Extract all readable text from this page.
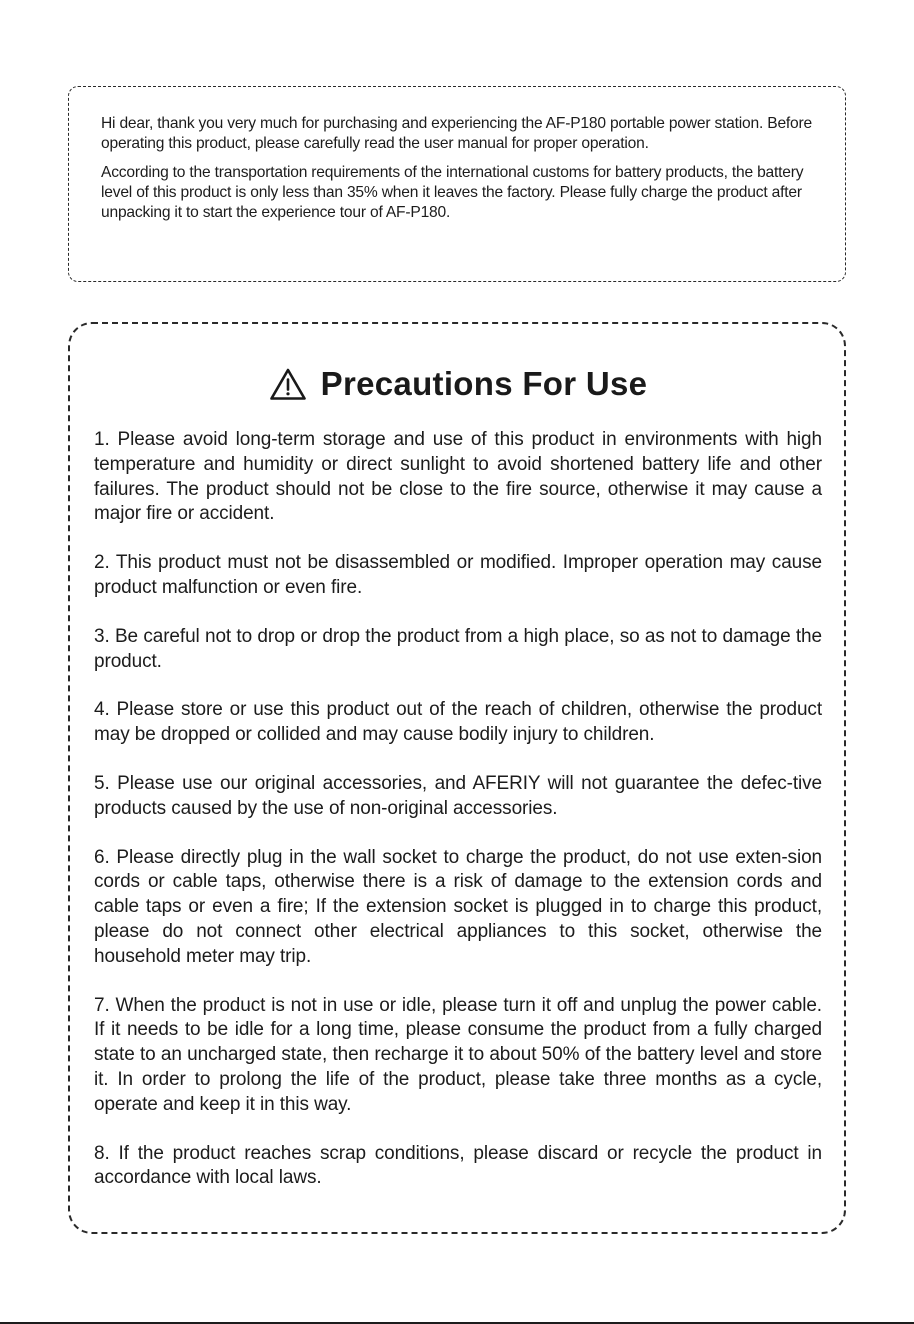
Hi dear, thank you very much for purchasing and experiencing the AF-P180 portable power station. Before operating this product, please carefully read the user manual for proper operation.

According to the transportation requirements of the international customs for battery products, the battery level of this product is only less than 35% when it leaves the factory. Please fully charge the product after unpacking it to start the experience tour of AF-P180.

Precautions For Use

1. Please avoid long-term storage and use of this product in environments with high temperature and humidity or direct sunlight to avoid shortened battery life and other failures. The product should not be close to the fire source, otherwise it may cause a major fire or accident.

2. This product must not be disassembled or modified. Improper operation may cause product malfunction or even fire.

3. Be careful not to drop or drop the product from a high place, so as not to damage the product.

4. Please store or use this product out of the reach of children, otherwise the product may be dropped or collided and may cause bodily injury to children.

5. Please use our original accessories, and AFERIY will not guarantee the defec-tive products caused by the use of non-original accessories.

6. Please directly plug in the wall socket to charge the product, do not use exten-sion cords or cable taps, otherwise there is a risk of damage to the extension cords and cable taps or even a fire; If the extension socket is plugged in to charge this product, please do not connect other electrical appliances to this socket, otherwise the household meter may trip.

7. When the product is not in use or idle, please turn it off and unplug the power cable. If it needs to be idle for a long time, please consume the product from a fully charged state to an uncharged state, then recharge it to about 50% of the battery level and store it. In order to prolong the life of the product, please take three months as a cycle, operate and keep it in this way.

8. If the product reaches scrap conditions, please discard or recycle the product in accordance with local laws.
